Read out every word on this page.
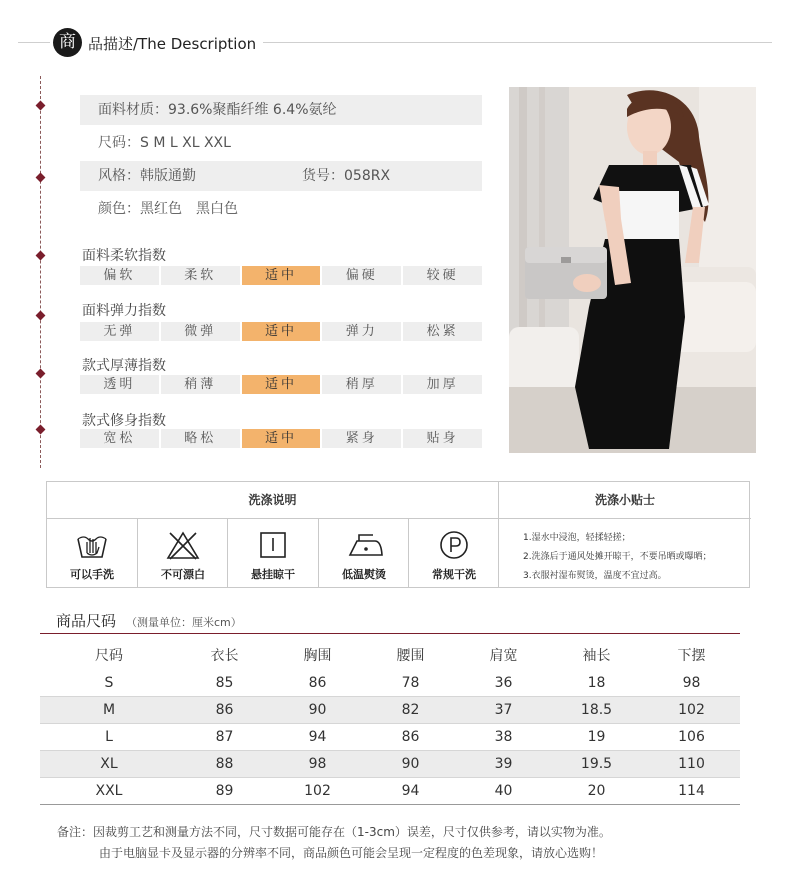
商 品描述/The Description
面料材质：93.6%聚酯纤维 6.4%氨纶
尺码：S M L XL XXL
风格：韩版通勤	货号：058RX
颜色：黑红色　黑白色
面料柔软指数
偏软	柔软	适中	偏硬	较硬
面料弹力指数
无弹	微弹	适中	弹力	松紧
款式厚薄指数
透明	稍薄	适中	稍厚	加厚
款式修身指数
宽松	略松	适中	紧身	贴身
洗涤说明	洗涤小贴士
可以手洗	不可漂白	悬挂晾干	低温熨烫	常规干洗
1.湿水中浸泡，轻揉轻搓；
2.洗涤后于通风处摊开晾干，不要吊晒或曝晒；
3.衣服衬湿布熨烫，温度不宜过高。
商品尺码 （测量单位：厘米cm）
尺码	衣长	胸围	腰围	肩宽	袖长	下摆
S	85	86	78	36	18	98
M	86	90	82	37	18.5	102
L	87	94	86	38	19	106
XL	88	98	90	39	19.5	110
XXL	89	102	94	40	20	114
备注：因裁剪工艺和测量方法不同，尺寸数据可能存在（1-3cm）误差，尺寸仅供参考，请以实物为准。
由于电脑显卡及显示器的分辨率不同，商品颜色可能会呈现一定程度的色差现象，请放心选购！
